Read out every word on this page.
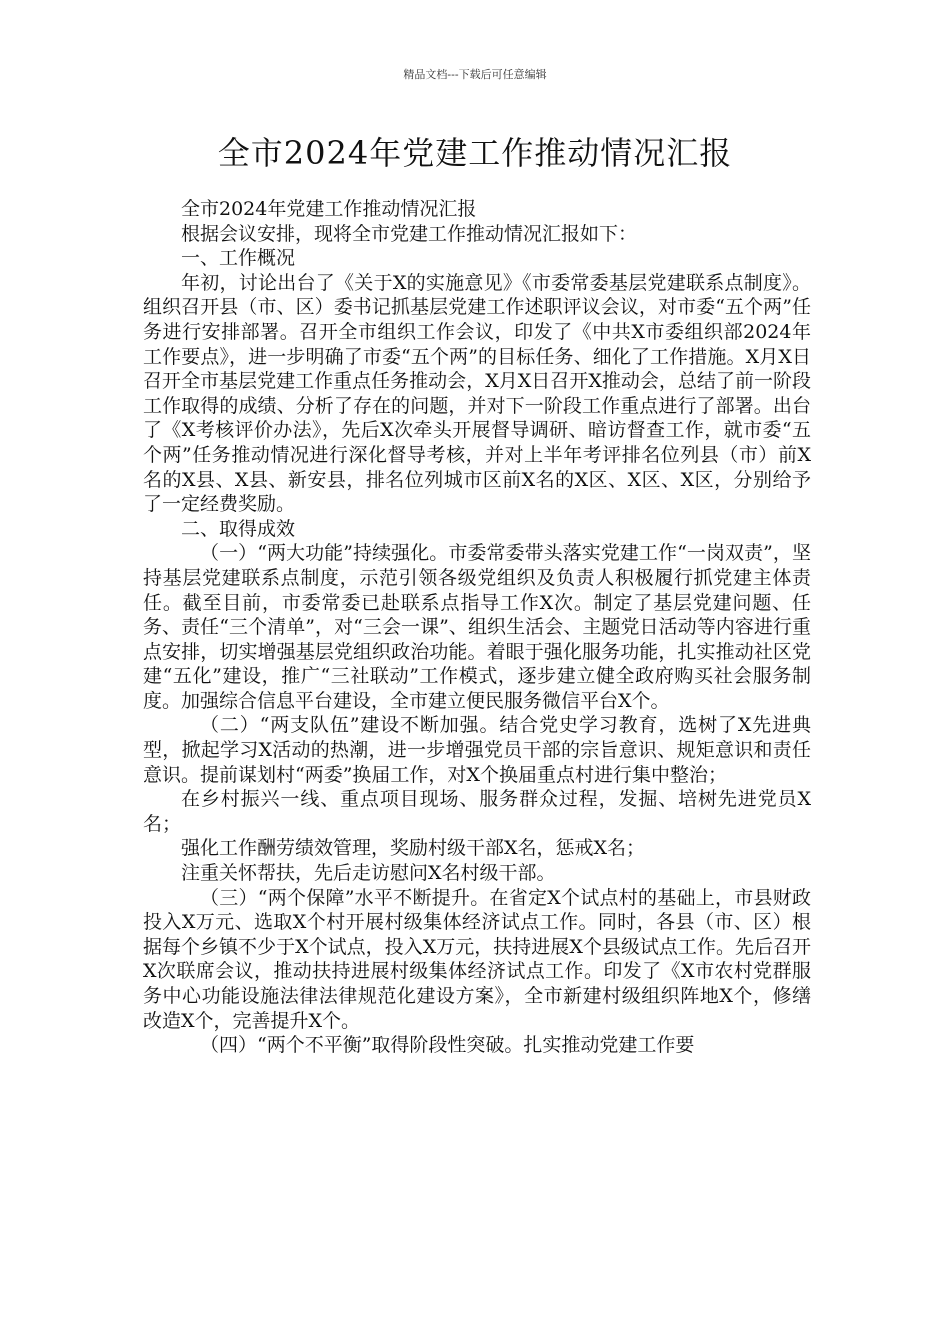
精品文档---下载后可任意编辑
全市2024年党建工作推动情况汇报

全市2024年党建工作推动情况汇报

根据会议安排，现将全市党建工作推动情况汇报如下：

一、工作概况

年初，讨论出台了《关于X的实施意见》《市委常委基层党建联系点制度》。组织召开县（市、区）委书记抓基层党建工作述职评议会议，对市委“五个两”任务进行安排部署。召开全市组织工作会议，印发了《中共X市委组织部2024年工作要点》，进一步明确了市委“五个两”的目标任务、细化了工作措施。X月X日召开全市基层党建工作重点任务推动会，X月X日召开X推动会，总结了前一阶段工作取得的成绩、分析了存在的问题，并对下一阶段工作重点进行了部署。出台了《X考核评价办法》，先后X次牵头开展督导调研、暗访督查工作，就市委“五个两”任务推动情况进行深化督导考核，并对上半年考评排名位列县（市）前X名的X县、X县、新安县，排名位列城市区前X名的X区、X区、X区，分别给予了一定经费奖励。

二、取得成效

（一）“两大功能”持续强化。市委常委带头落实党建工作“一岗双责”，坚持基层党建联系点制度，示范引领各级党组织及负责人积极履行抓党建主体责任。截至目前，市委常委已赴联系点指导工作X次。制定了基层党建问题、任务、责任“三个清单”，对“三会一课”、组织生活会、主题党日活动等内容进行重点安排，切实增强基层党组织政治功能。着眼于强化服务功能，扎实推动社区党建“五化”建设，推广“三社联动”工作模式，逐步建立健全政府购买社会服务制度。加强综合信息平台建设，全市建立便民服务微信平台X个。

（二）“两支队伍”建设不断加强。结合党史学习教育，选树了X先进典型，掀起学习X活动的热潮，进一步增强党员干部的宗旨意识、规矩意识和责任意识。提前谋划村“两委”换届工作，对X个换届重点村进行集中整治；

在乡村振兴一线、重点项目现场、服务群众过程，发掘、培树先进党员X名；

强化工作酬劳绩效管理，奖励村级干部X名，惩戒X名；

注重关怀帮扶，先后走访慰问X名村级干部。

（三）“两个保障”水平不断提升。在省定X个试点村的基础上，市县财政投入X万元、选取X个村开展村级集体经济试点工作。同时，各县（市、区）根据每个乡镇不少于X个试点，投入X万元，扶持进展X个县级试点工作。先后召开X次联席会议，推动扶持进展村级集体经济试点工作。印发了《X市农村党群服务中心功能设施法律法律规范化建设方案》，全市新建村级组织阵地X个，修缮改造X个，完善提升X个。

（四）“两个不平衡”取得阶段性突破。扎实推动党建工作要
